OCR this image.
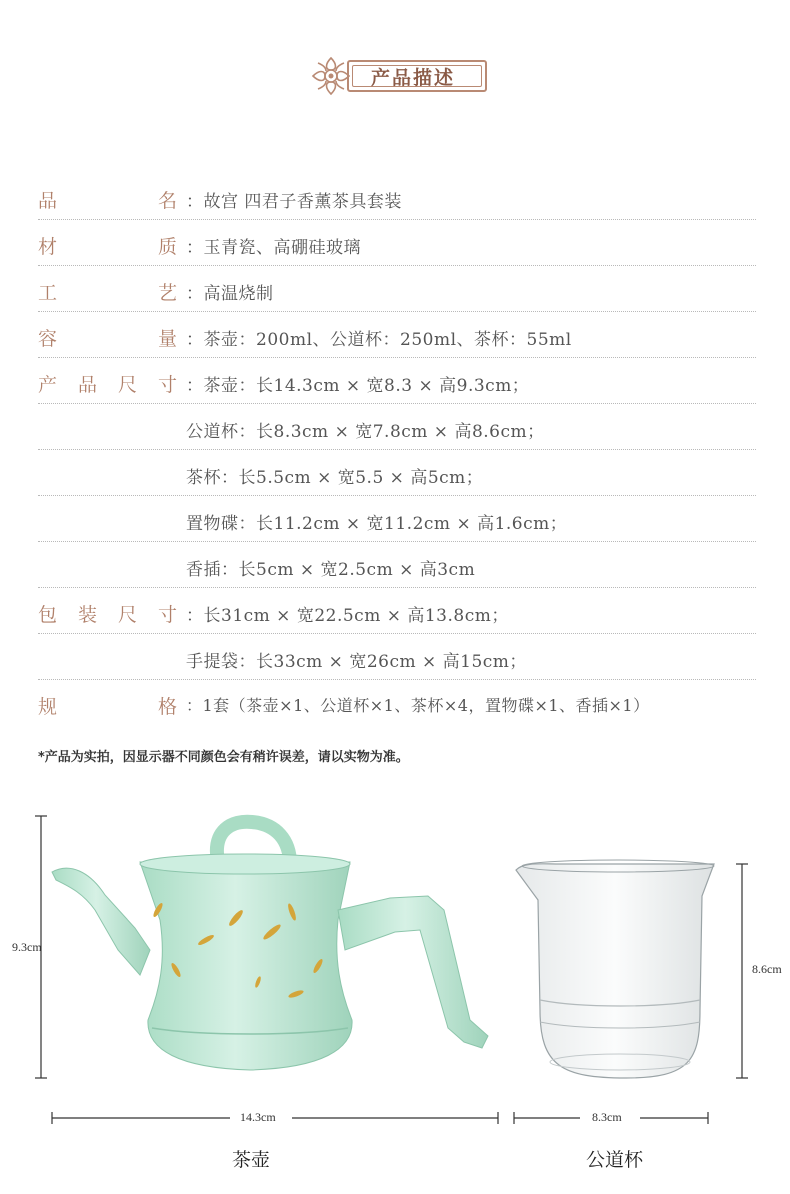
产品描述
品	名 ：故宫 四君子香薰茶具套装
材	质 ：玉青瓷、高硼硅玻璃
工	艺 ：高温烧制
容	量 ：茶壶：200ml、公道杯：250ml、茶杯：55ml
产 品 尺 寸 ：茶壶：长14.3cm × 宽8.3 × 高9.3cm；
公道杯：长8.3cm × 宽7.8cm × 高8.6cm；
茶杯：长5.5cm × 宽5.5 × 高5cm；
置物碟：长11.2cm × 宽11.2cm × 高1.6cm；
香插：长5cm × 宽2.5cm × 高3cm
包 装 尺 寸 ：长31cm × 宽22.5cm × 高13.8cm；
手提袋：长33cm × 宽26cm × 高15cm；
规	格 ：1套（茶壶×1、公道杯×1、茶杯×4，置物碟×1、香插×1）
*产品为实拍，因显示器不同颜色会有稍许误差，请以实物为准。
9.3cm
14.3cm
8.6cm
8.3cm
茶壶	公道杯
